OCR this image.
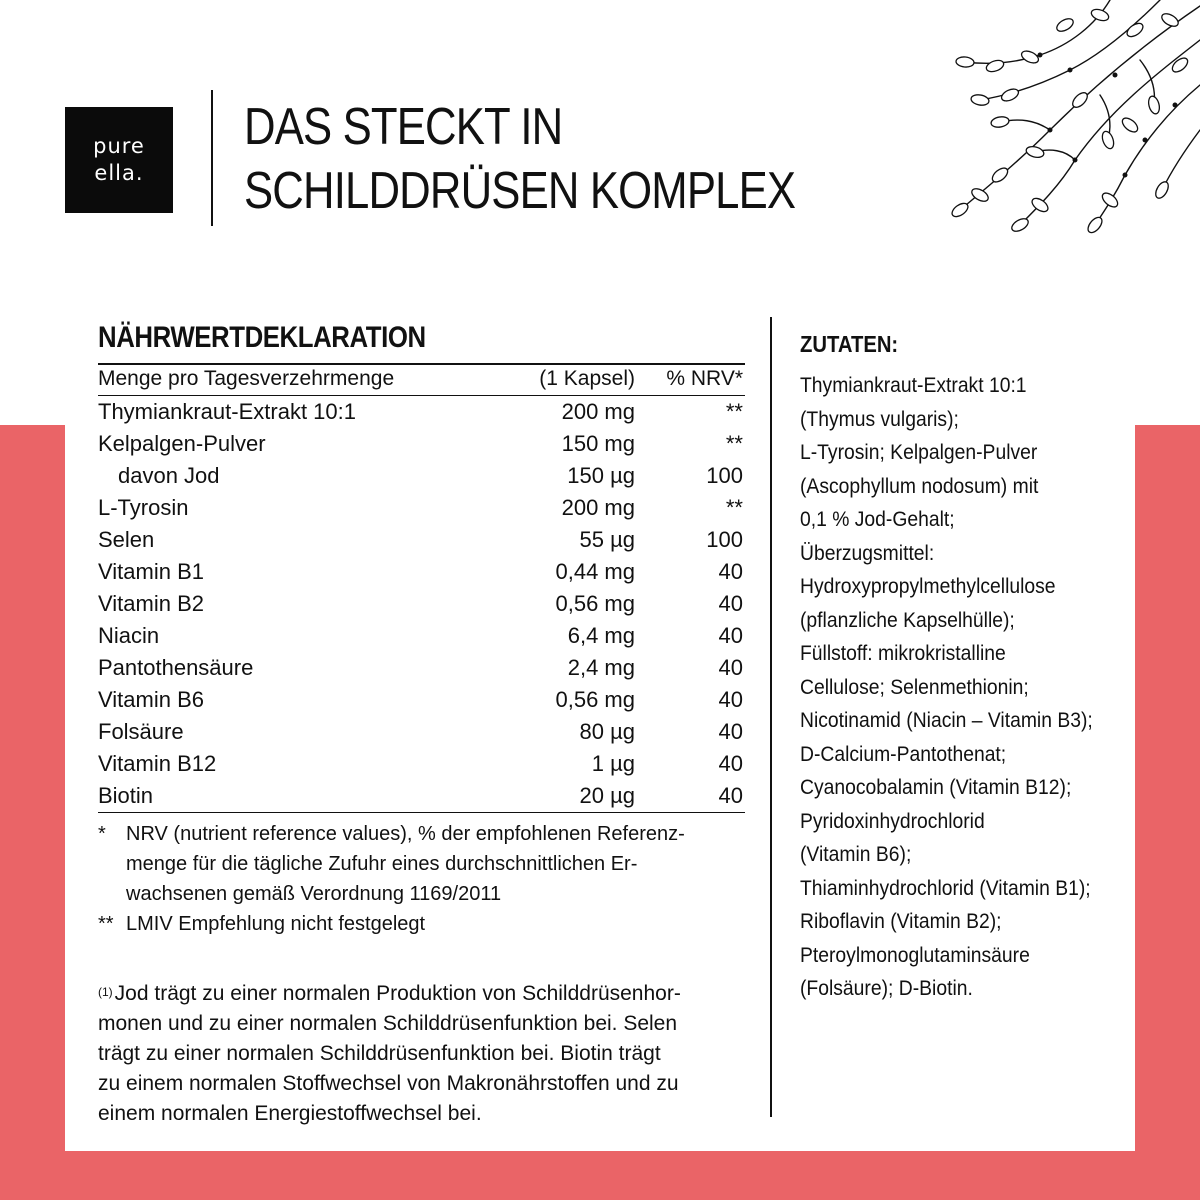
pure
ella.
DAS STECKT IN
SCHILDDRÜSEN KOMPLEX
NÄHRWERTDEKLARATION
Menge pro Tagesverzehrmenge	(1 Kapsel) % NRV*
Thymiankraut-Extrakt 10:1	200 mg	**
Kelpalgen-Pulver	150 mg	**
davon Jod	150 µg	100
L-Tyrosin	200 mg	**
Selen	55 µg	100
Vitamin B1	0,44 mg	40
Vitamin B2	0,56 mg	40
Niacin	6,4 mg	40
Pantothensäure	2,4 mg	40
Vitamin B6	0,56 mg	40
Folsäure	80 µg	40
Vitamin B12	1 µg	40
Biotin	20 µg	40
* NRV (nutrient reference values), % der empfohlenen Referenz-
menge für die tägliche Zufuhr eines durchschnittlichen Er-
wachsenen gemäß Verordnung 1169/2011
** LMIV Empfehlung nicht festgelegt
$^{(1)}$Jod trägt zu einer normalen Produktion von Schilddrüsenhor-
monen und zu einer normalen Schilddrüsenfunktion bei. Selen
trägt zu einer normalen Schilddrüsenfunktion bei. Biotin trägt
zu einem normalen Stoffwechsel von Makronährstoffen und zu
einem normalen Energiestoffwechsel bei.
ZUTATEN:
Thymiankraut-Extrakt 10:1
(Thymus vulgaris);
L-Tyrosin; Kelpalgen-Pulver
(Ascophyllum nodosum) mit
0,1 % Jod-Gehalt;
Überzugsmittel:
Hydroxypropylmethylcellulose
(pflanzliche Kapselhülle);
Füllstoff: mikrokristalline
Cellulose; Selenmethionin;
Nicotinamid (Niacin – Vitamin B3);
D-Calcium-Pantothenat;
Cyanocobalamin (Vitamin B12);
Pyridoxinhydrochlorid
(Vitamin B6);
Thiaminhydrochlorid (Vitamin B1);
Riboflavin (Vitamin B2);
Pteroylmonoglutaminsäure
(Folsäure); D-Biotin.
